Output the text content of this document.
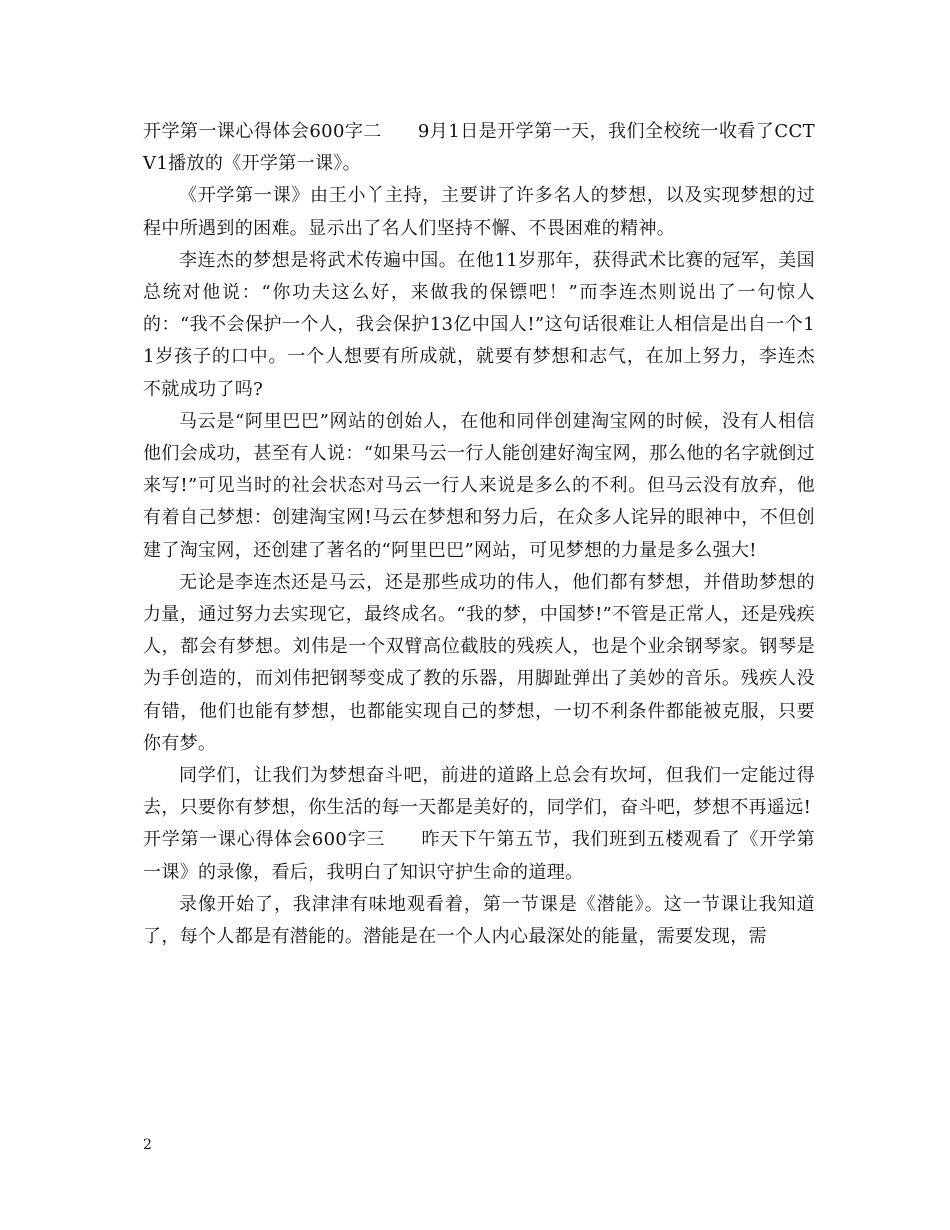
开学第一课心得体会600字二 9月1日是开学第一天，我们全校统一收看了CCTV1播放的《开学第一课》。

《开学第一课》由王小丫主持，主要讲了许多名人的梦想，以及实现梦想的过程中所遇到的困难。显示出了名人们坚持不懈、不畏困难的精神。

李连杰的梦想是将武术传遍中国。在他11岁那年，获得武术比赛的冠军，美国总统对他说：“你功夫这么好，来做我的保镖吧！”而李连杰则说出了一句惊人的：“我不会保护一个人，我会保护13亿中国人!”这句话很难让人相信是出自一个11岁孩子的口中。一个人想要有所成就，就要有梦想和志气，在加上努力，李连杰不就成功了吗?

马云是“阿里巴巴”网站的创始人，在他和同伴创建淘宝网的时候，没有人相信他们会成功，甚至有人说：“如果马云一行人能创建好淘宝网，那么他的名字就倒过来写!”可见当时的社会状态对马云一行人来说是多么的不利。但马云没有放弃，他有着自己梦想：创建淘宝网!马云在梦想和努力后，在众多人诧异的眼神中，不但创建了淘宝网，还创建了著名的“阿里巴巴”网站，可见梦想的力量是多么强大!

无论是李连杰还是马云，还是那些成功的伟人，他们都有梦想，并借助梦想的力量，通过努力去实现它，最终成名。“我的梦，中国梦!”不管是正常人，还是残疾人，都会有梦想。刘伟是一个双臂高位截肢的残疾人，也是个业余钢琴家。钢琴是为手创造的，而刘伟把钢琴变成了教的乐器，用脚趾弹出了美妙的音乐。残疾人没有错，他们也能有梦想，也都能实现自己的梦想，一切不利条件都能被克服，只要你有梦。

同学们，让我们为梦想奋斗吧，前进的道路上总会有坎坷，但我们一定能过得去，只要你有梦想，你生活的每一天都是美好的，同学们，奋斗吧，梦想不再遥远!

开学第一课心得体会600字三 昨天下午第五节，我们班到五楼观看了《开学第一课》的录像，看后，我明白了知识守护生命的道理。

录像开始了，我津津有味地观看着，第一节课是《潜能》。这一节课让我知道了，每个人都是有潜能的。潜能是在一个人内心最深处的能量，需要发现，需

2
